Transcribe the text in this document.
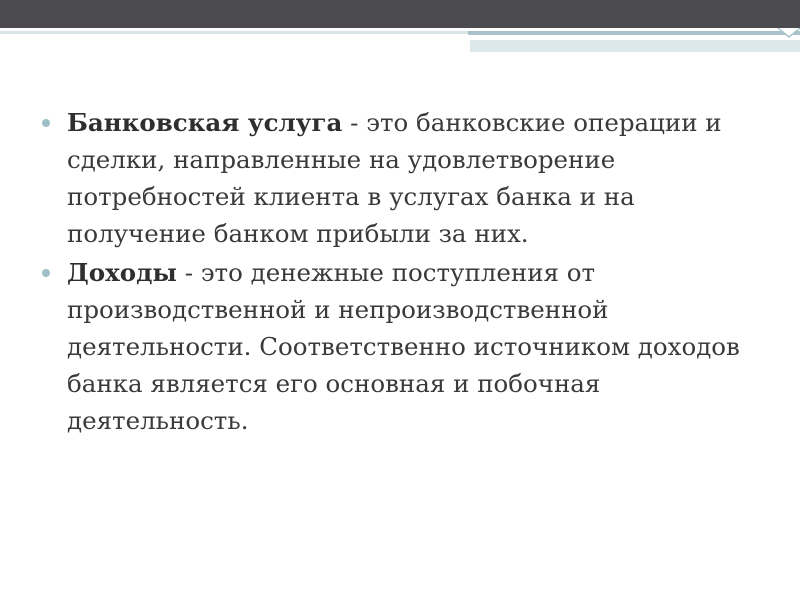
Банковская услуга - это банковские операции и сделки, направленные на удовлетворение потребностей клиента в услугах банка и на получение банком прибыли за них.
Доходы - это денежные поступления от производственной и непроизводственной деятельности. Соответственно источником доходов банка является его основная и побочная деятельность.
